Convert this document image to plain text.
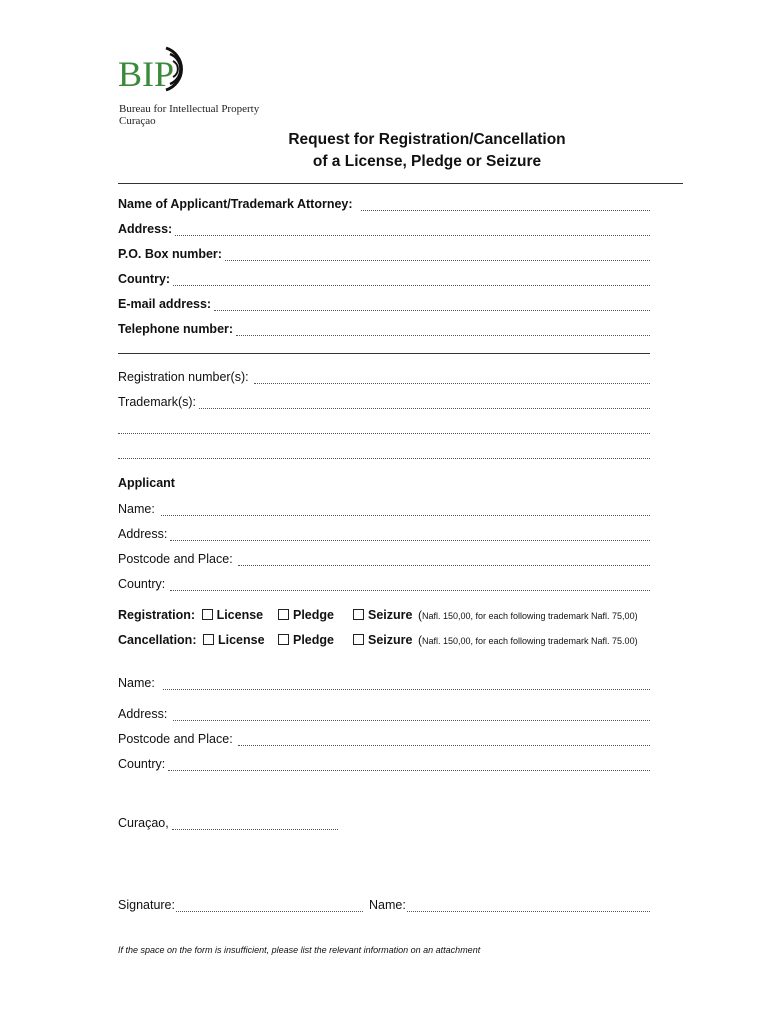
BIP
Bureau for Intellectual Property
Curaçao
Request for Registration/Cancellation
of a License, Pledge or Seizure
Name of Applicant/Trademark Attorney:
Address:
P.O. Box number:
Country:
E-mail address:
Telephone number:
Registration number(s):
Trademark(s):
Applicant
Name:
Address:
Postcode and Place:
Country:
Registration: License	Pledge	Seizure (Nafl. 150,00, for each following trademark Nafl. 75,00)
Cancellation: License	Pledge	Seizure (Nafl. 150,00, for each following trademark Nafl. 75.00)
Name:
Address:
Postcode and Place:
Country:
Curaçao,
Signature:	Name:
If the space on the form is insufficient, please list the relevant information on an attachment
